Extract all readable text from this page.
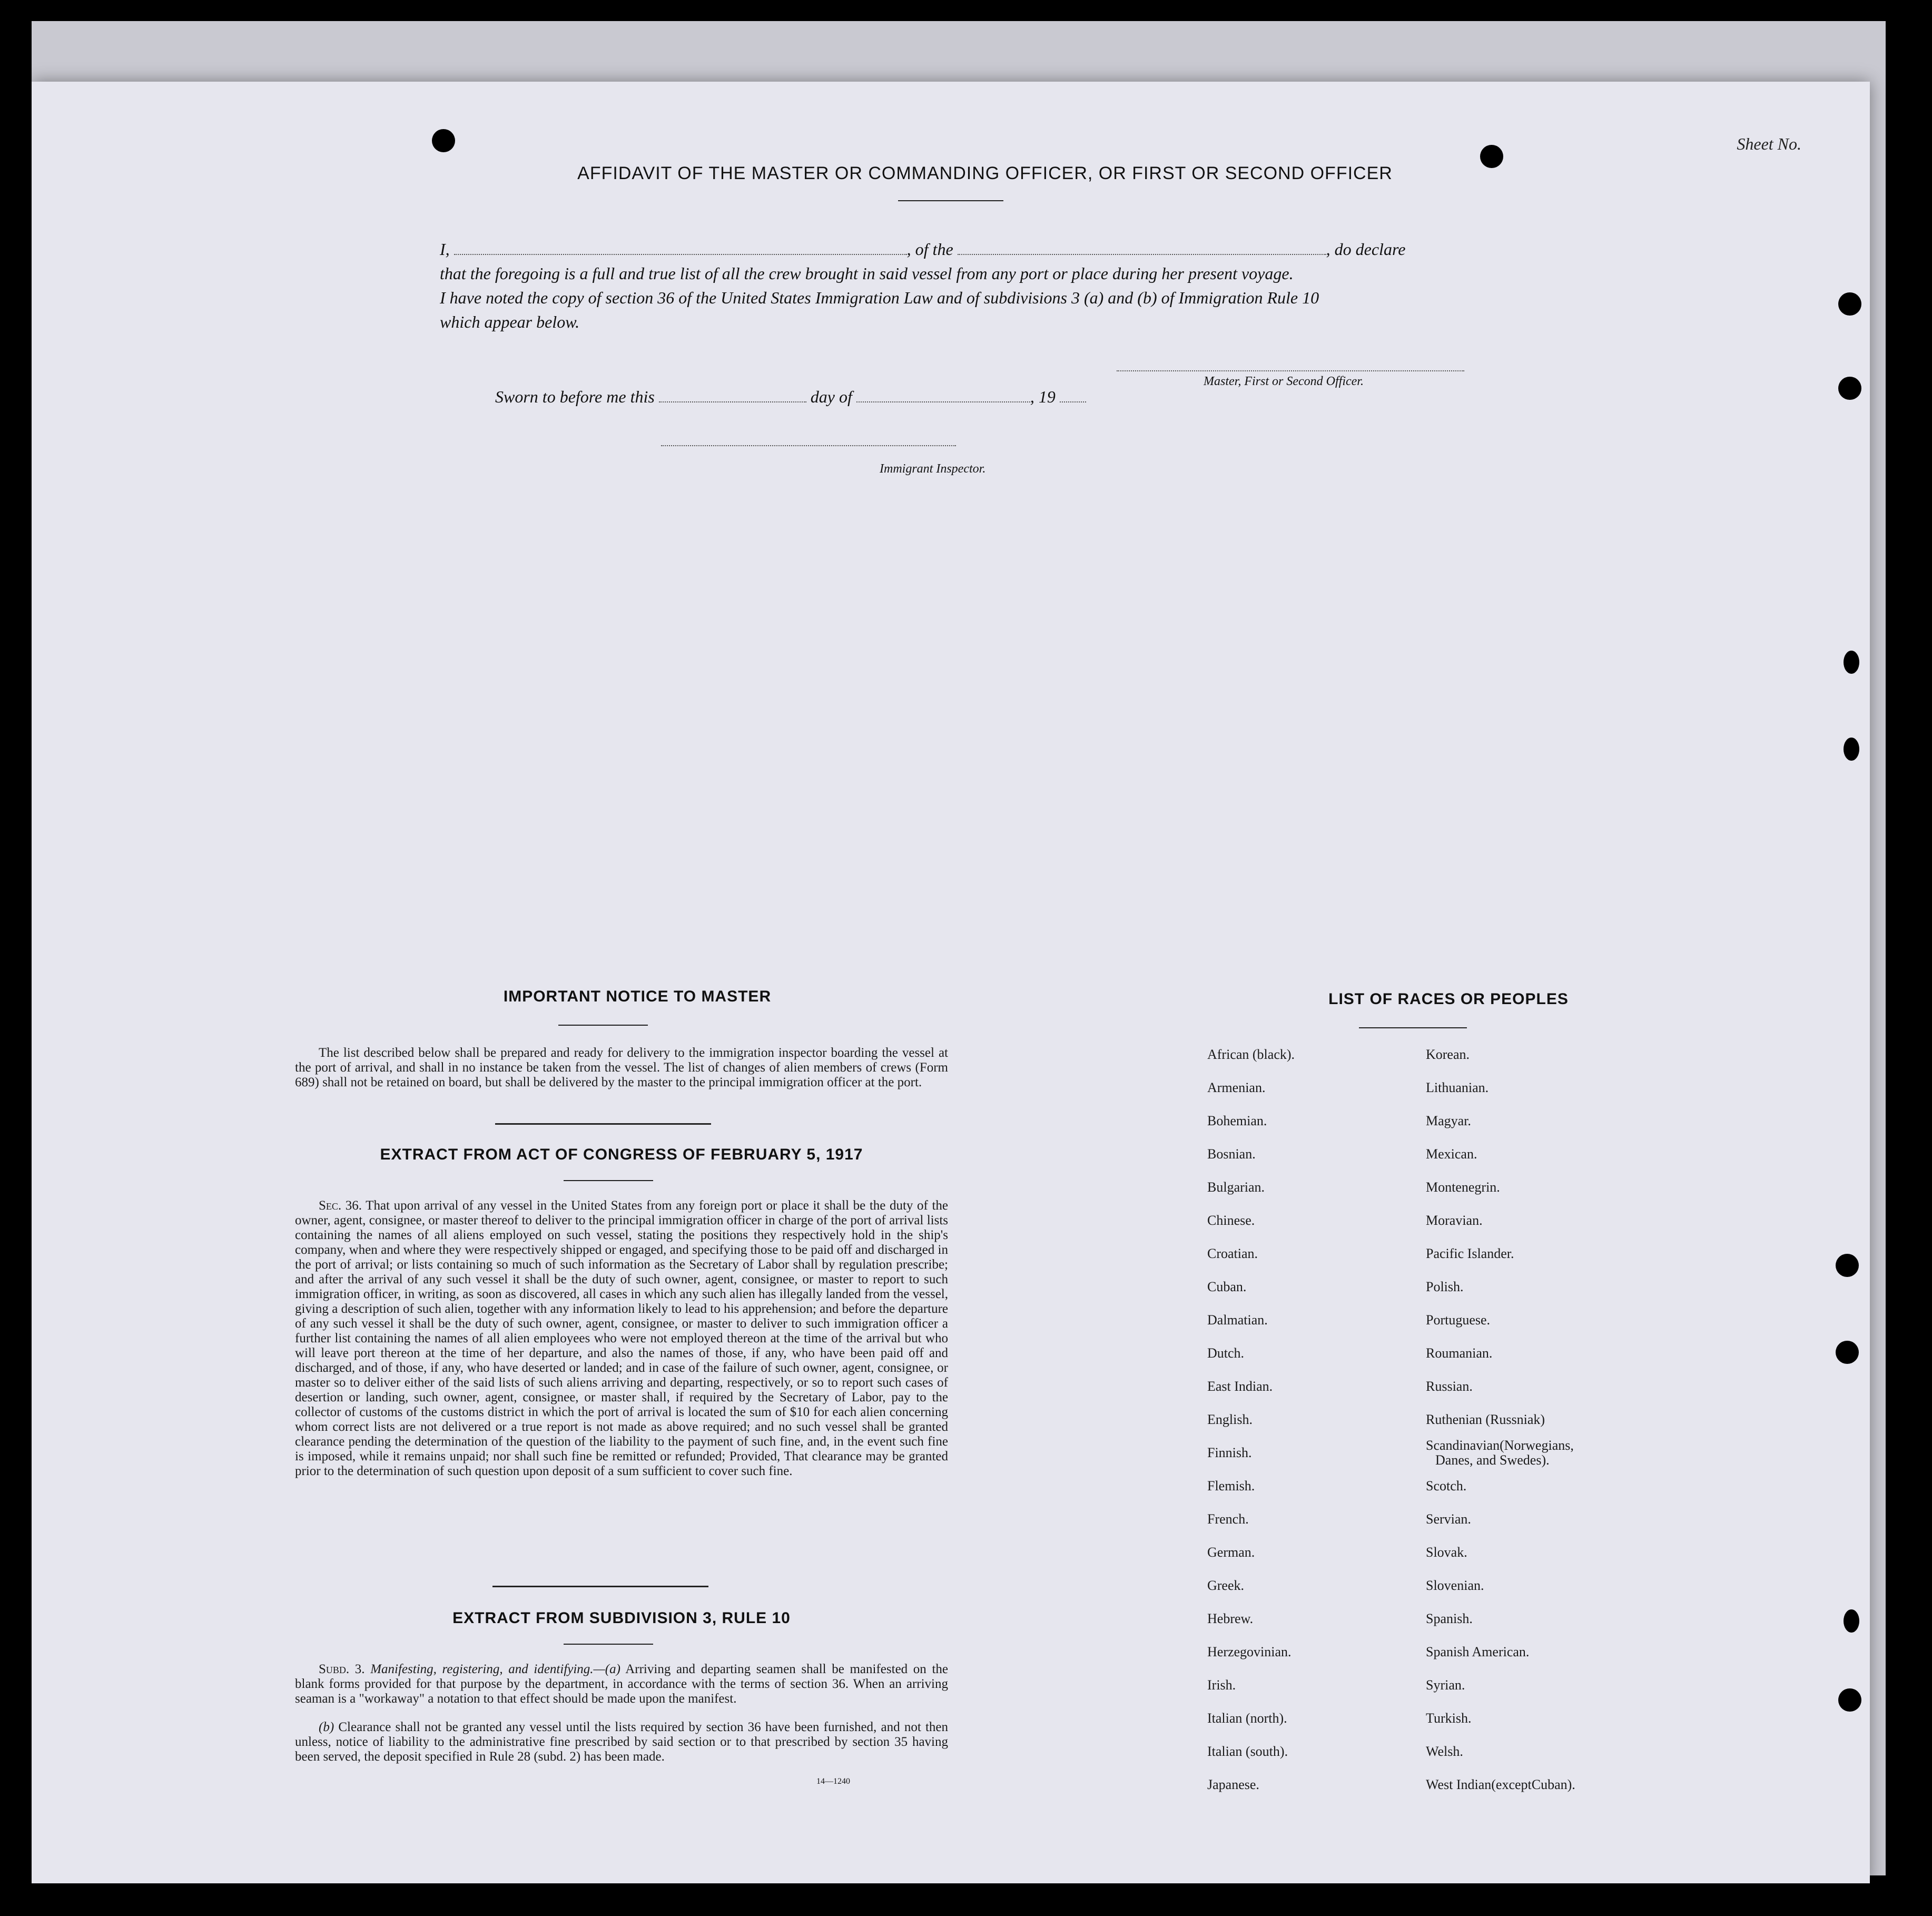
Sheet No.
AFFIDAVIT OF THE MASTER OR COMMANDING OFFICER, OR FIRST OR SECOND OFFICER
I,	, of the	, do declare
that the foregoing is a full and true list of all the crew brought in said vessel from any port or place during her present voyage.
I have noted the copy of section 36 of the United States Immigration Law and of subdivisions 3 (a) and (b) of Immigration Rule 10
which appear below.
Master, First or Second Officer.
Sworn to before me this	day of	, 19
Immigrant Inspector.
IMPORTANT NOTICE TO MASTER
The list described below shall be prepared and ready for delivery to the immigration inspector boarding the vessel at the port of arrival, and shall in no instance be taken from the vessel. The list of changes of alien members of crews (Form 689) shall not be retained on board, but shall be delivered by the master to the principal immigration officer at the port.
EXTRACT FROM ACT OF CONGRESS OF FEBRUARY 5, 1917
Sec. 36. That upon arrival of any vessel in the United States from any foreign port or place it shall be the duty of the owner, agent, consignee, or master thereof to deliver to the principal immigration officer in charge of the port of arrival lists containing the names of all aliens employed on such vessel, stating the positions they respectively hold in the ship's company, when and where they were respectively shipped or engaged, and specifying those to be paid off and discharged in the port of arrival; or lists containing so much of such information as the Secretary of Labor shall by regulation prescribe; and after the arrival of any such vessel it shall be the duty of such owner, agent, consignee, or master to report to such immigration officer, in writing, as soon as discovered, all cases in which any such alien has illegally landed from the vessel, giving a description of such alien, together with any information likely to lead to his apprehension; and before the departure of any such vessel it shall be the duty of such owner, agent, consignee, or master to deliver to such immigration officer a further list containing the names of all alien employees who were not employed thereon at the time of the arrival but who will leave port thereon at the time of her departure, and also the names of those, if any, who have been paid off and discharged, and of those, if any, who have deserted or landed; and in case of the failure of such owner, agent, consignee, or master so to deliver either of the said lists of such aliens arriving and departing, respectively, or so to report such cases of desertion or landing, such owner, agent, consignee, or master shall, if required by the Secretary of Labor, pay to the collector of customs of the customs district in which the port of arrival is located the sum of $10 for each alien concerning whom correct lists are not delivered or a true report is not made as above required; and no such vessel shall be granted clearance pending the determination of the question of the liability to the payment of such fine, and, in the event such fine is imposed, while it remains unpaid; nor shall such fine be remitted or refunded; Provided, That clearance may be granted prior to the determination of such question upon deposit of a sum sufficient to cover such fine.
EXTRACT FROM SUBDIVISION 3, RULE 10
Subd. 3. Manifesting, registering, and identifying.—(a) Arriving and departing seamen shall be manifested on the blank forms provided for that purpose by the department, in accordance with the terms of section 36. When an arriving seaman is a "workaway" a notation to that effect should be made upon the manifest.
(b) Clearance shall not be granted any vessel until the lists required by section 36 have been furnished, and not then unless, notice of liability to the administrative fine prescribed by said section or to that prescribed by section 35 having been served, the deposit specified in Rule 28 (subd. 2) has been made.
14—1240
LIST OF RACES OR PEOPLES
African (black).
Armenian.
Bohemian.
Bosnian.
Bulgarian.
Chinese.
Croatian.
Cuban.
Dalmatian.
Dutch.
East Indian.
English.
Finnish.
Flemish.
French.
German.
Greek.
Hebrew.
Herzegovinian.
Irish.
Italian (north).
Italian (south).
Japanese.
Korean.
Lithuanian.
Magyar.
Mexican.
Montenegrin.
Moravian.
Pacific Islander.
Polish.
Portuguese.
Roumanian.
Russian.
Ruthenian (Russniak)
Scandinavian(Norwegians,
Danes, and Swedes).
Scotch.
Servian.
Slovak.
Slovenian.
Spanish.
Spanish American.
Syrian.
Turkish.
Welsh.
West Indian(exceptCuban).
